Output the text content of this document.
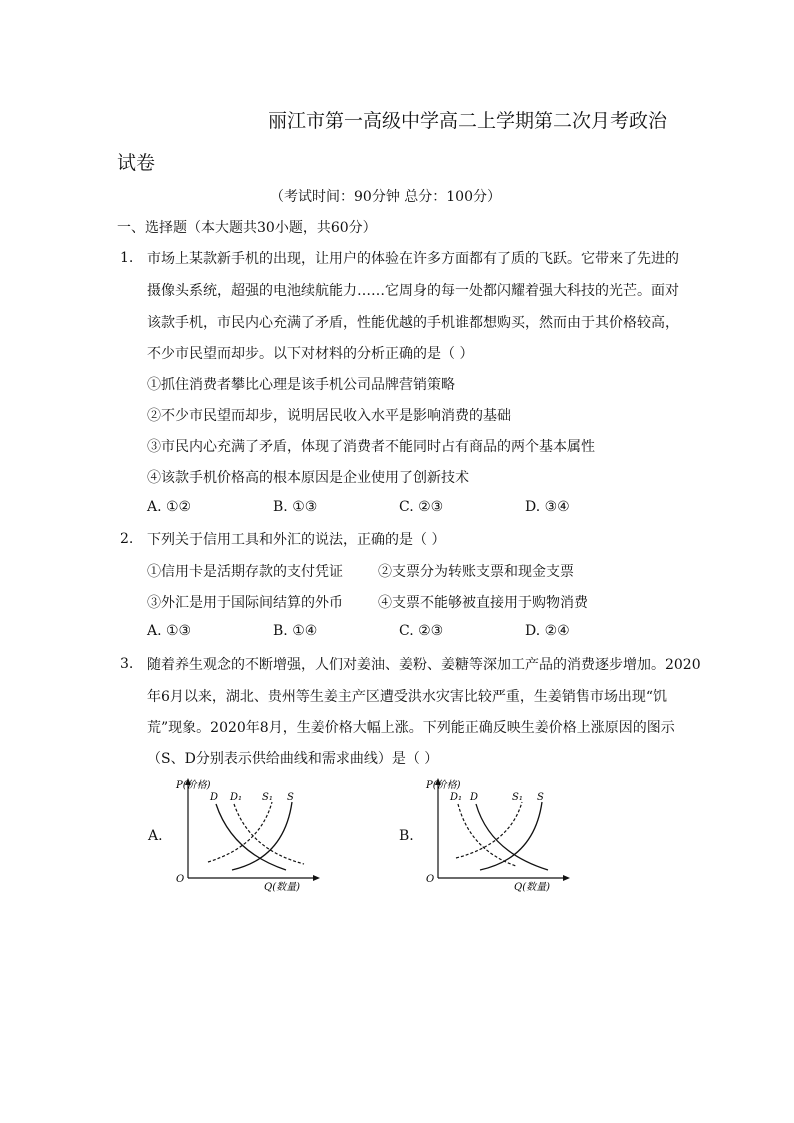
丽江市第一高级中学高二上学期第二次月考政治
试卷
（考试时间：90分钟 总分：100分）
一、选择题（本大题共30小题，共60分）
1. 市场上某款新手机的出现，让用户的体验在许多方面都有了质的飞跃。它带来了先进的
摄像头系统，超强的电池续航能力……它周身的每一处都闪耀着强大科技的光芒。面对
该款手机，市民内心充满了矛盾，性能优越的手机谁都想购买，然而由于其价格较高，
不少市民望而却步。以下对材料的分析正确的是（ ）
①抓住消费者攀比心理是该手机公司品牌营销策略
②不少市民望而却步，说明居民收入水平是影响消费的基础
③市民内心充满了矛盾，体现了消费者不能同时占有商品的两个基本属性
④该款手机价格高的根本原因是企业使用了创新技术
A. ①②	B. ①③	C. ②③	D. ③④
2. 下列关于信用工具和外汇的说法，正确的是（ ）
①信用卡是活期存款的支付凭证	②支票分为转账支票和现金支票
③外汇是用于国际间结算的外币	④支票不能够被直接用于购物消费
A. ①③	B. ①④	C. ②③	D. ②④
3. 随着养生观念的不断增强，人们对姜油、姜粉、姜糖等深加工产品的消费逐步增加。2020
年6月以来，湖北、贵州等生姜主产区遭受洪水灾害比较严重，生姜销售市场出现“饥
荒”现象。2020年8月，生姜价格大幅上涨。下列能正确反映生姜价格上涨原因的图示
（S、D分别表示供给曲线和需求曲线）是（ ）
A.
P(价格)
Q(数量)
O
D D₁ S₁ S
B.
P(价格)
Q(数量)
O
D₁ D	S₁ S
